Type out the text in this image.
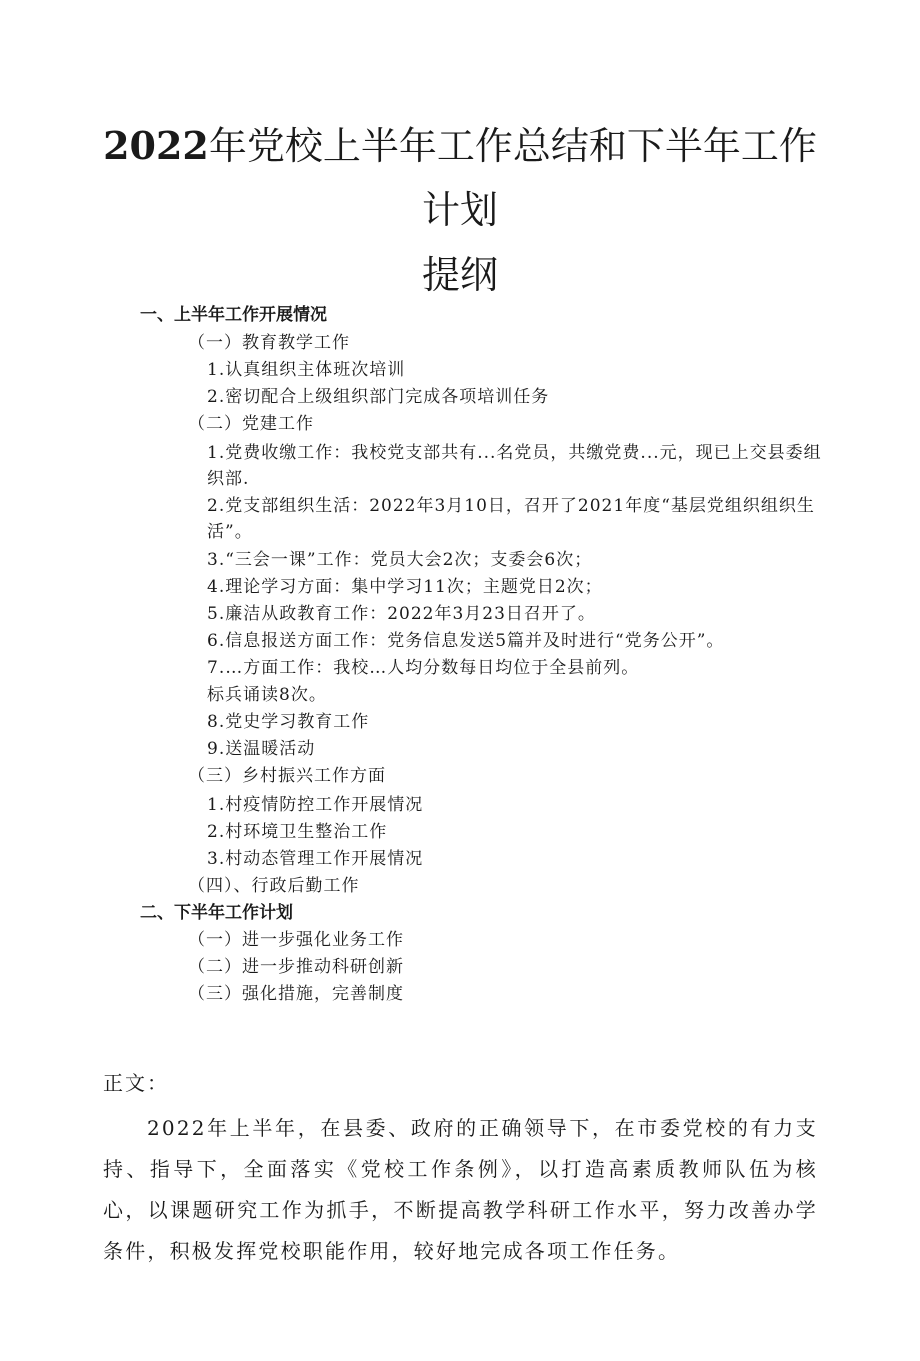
2022年党校上半年工作总结和下半年工作
计划
提纲
一、上半年工作开展情况
（一）教育教学工作
1.认真组织主体班次培训
2.密切配合上级组织部门完成各项培训任务
（二）党建工作
1.党费收缴工作：我校党支部共有...名党员，共缴党费...元，现已上交县委组织部.
2.党支部组织生活：2022年3月10日，召开了2021年度“基层党组织组织生活”。
3.“三会一课”工作：党员大会2次；支委会6次；
4.理论学习方面：集中学习11次；主题党日2次；
5.廉洁从政教育工作：2022年3月23日召开了。
6.信息报送方面工作：党务信息发送5篇并及时进行“党务公开”。
7.…方面工作：我校…人均分数每日均位于全县前列。
标兵诵读8次。
8.党史学习教育工作
9.送温暖活动
（三）乡村振兴工作方面
1.村疫情防控工作开展情况
2.村环境卫生整治工作
3.村动态管理工作开展情况
（四）、行政后勤工作
二、下半年工作计划
（一）进一步强化业务工作
（二）进一步推动科研创新
（三）强化措施，完善制度
正文：

2022年上半年，在县委、政府的正确领导下，在市委党校的有力支持、指导下，全面落实《党校工作条例》，以打造高素质教师队伍为核心，以课题研究工作为抓手，不断提高教学科研工作水平，努力改善办学条件，积极发挥党校职能作用，较好地完成各项工作任务。
